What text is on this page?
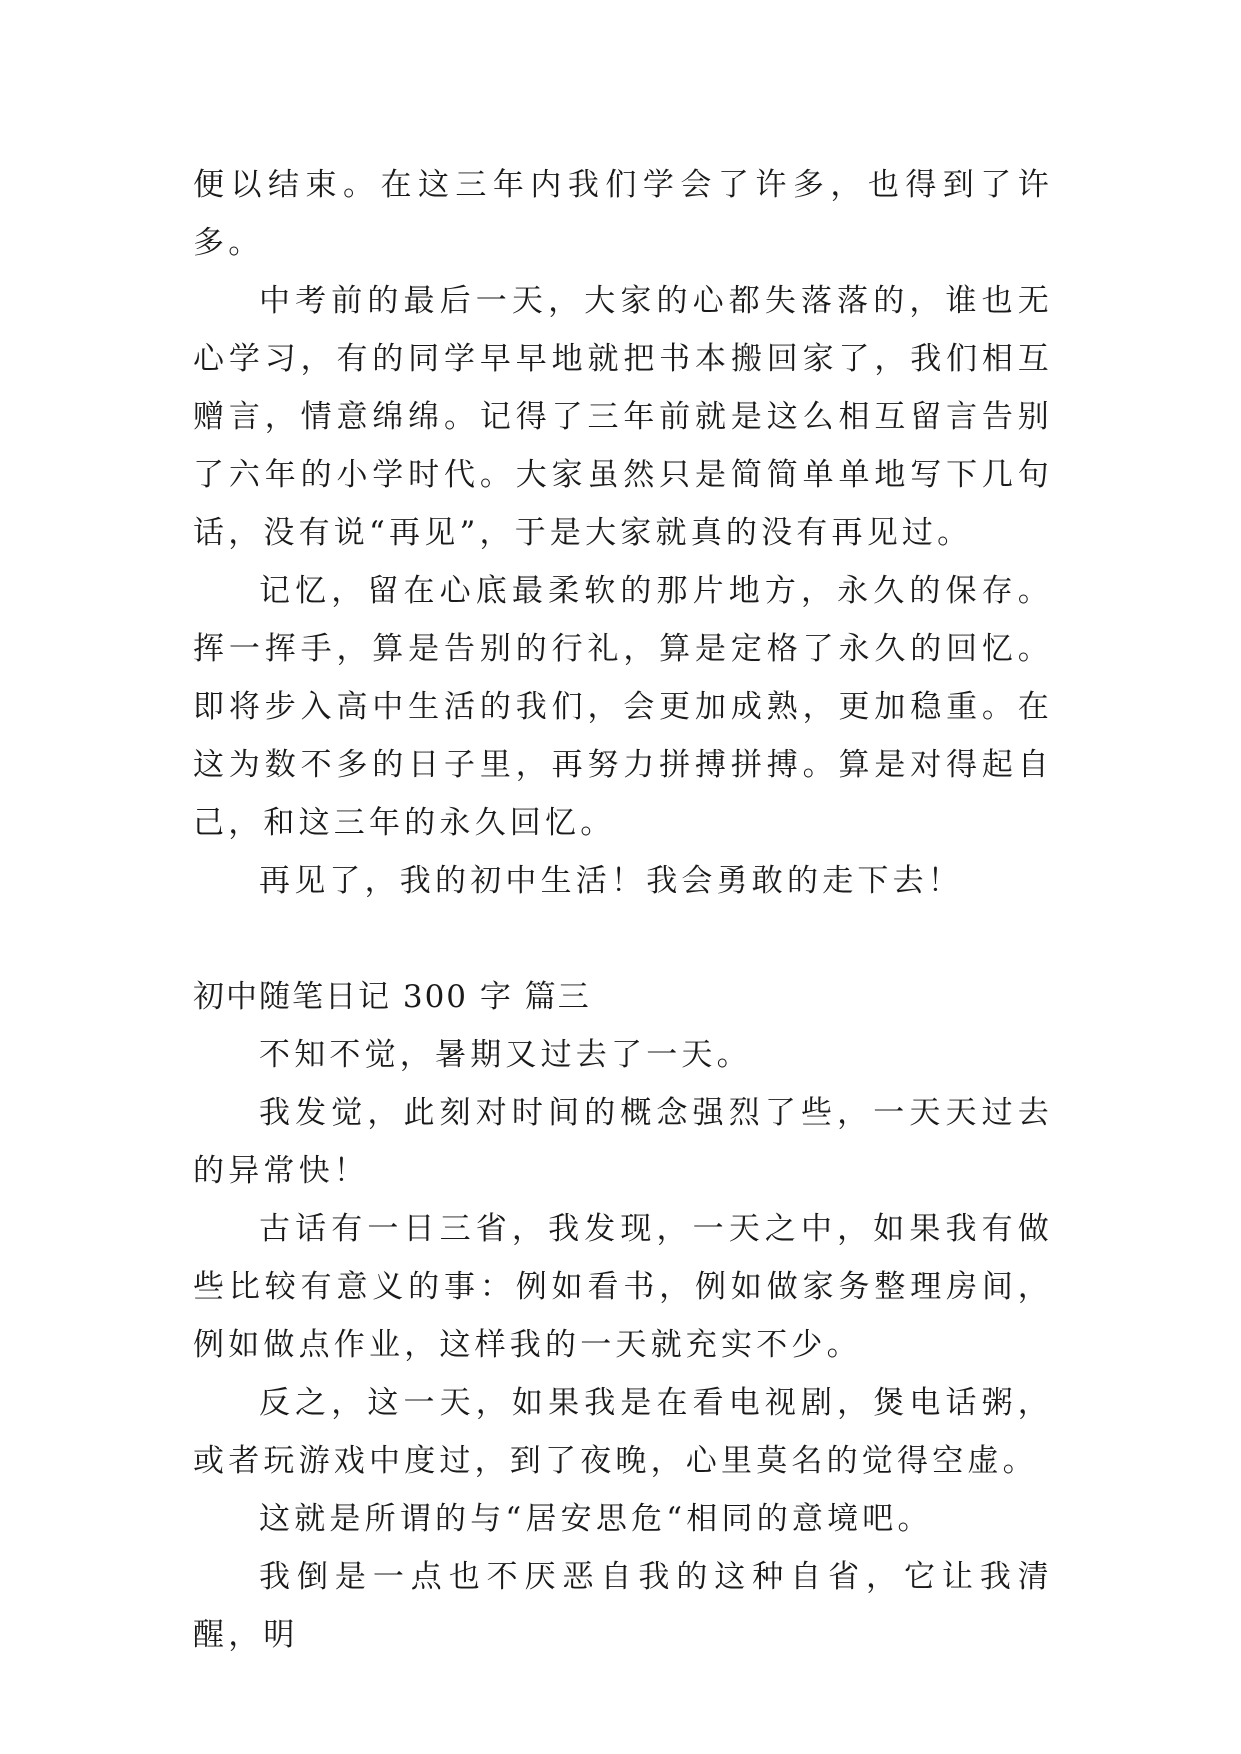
便以结束。在这三年内我们学会了许多，也得到了许多。

中考前的最后一天，大家的心都失落落的，谁也无心学习，有的同学早早地就把书本搬回家了，我们相互赠言，情意绵绵。记得了三年前就是这么相互留言告别了六年的小学时代。大家虽然只是简简单单地写下几句话，没有说“再见”，于是大家就真的没有再见过。

记忆，留在心底最柔软的那片地方，永久的保存。挥一挥手，算是告别的行礼，算是定格了永久的回忆。即将步入高中生活的我们，会更加成熟，更加稳重。在这为数不多的日子里，再努力拼搏拼搏。算是对得起自己，和这三年的永久回忆。

再见了，我的初中生活！我会勇敢的走下去！

初中随笔日记 300 字 篇三

不知不觉，暑期又过去了一天。

我发觉，此刻对时间的概念强烈了些，一天天过去的异常快！

古话有一日三省，我发现，一天之中，如果我有做些比较有意义的事：例如看书，例如做家务整理房间，例如做点作业，这样我的一天就充实不少。

反之，这一天，如果我是在看电视剧，煲电话粥，或者玩游戏中度过，到了夜晚，心里莫名的觉得空虚。

这就是所谓的与“居安思危“相同的意境吧。

我倒是一点也不厌恶自我的这种自省，它让我清醒，明
